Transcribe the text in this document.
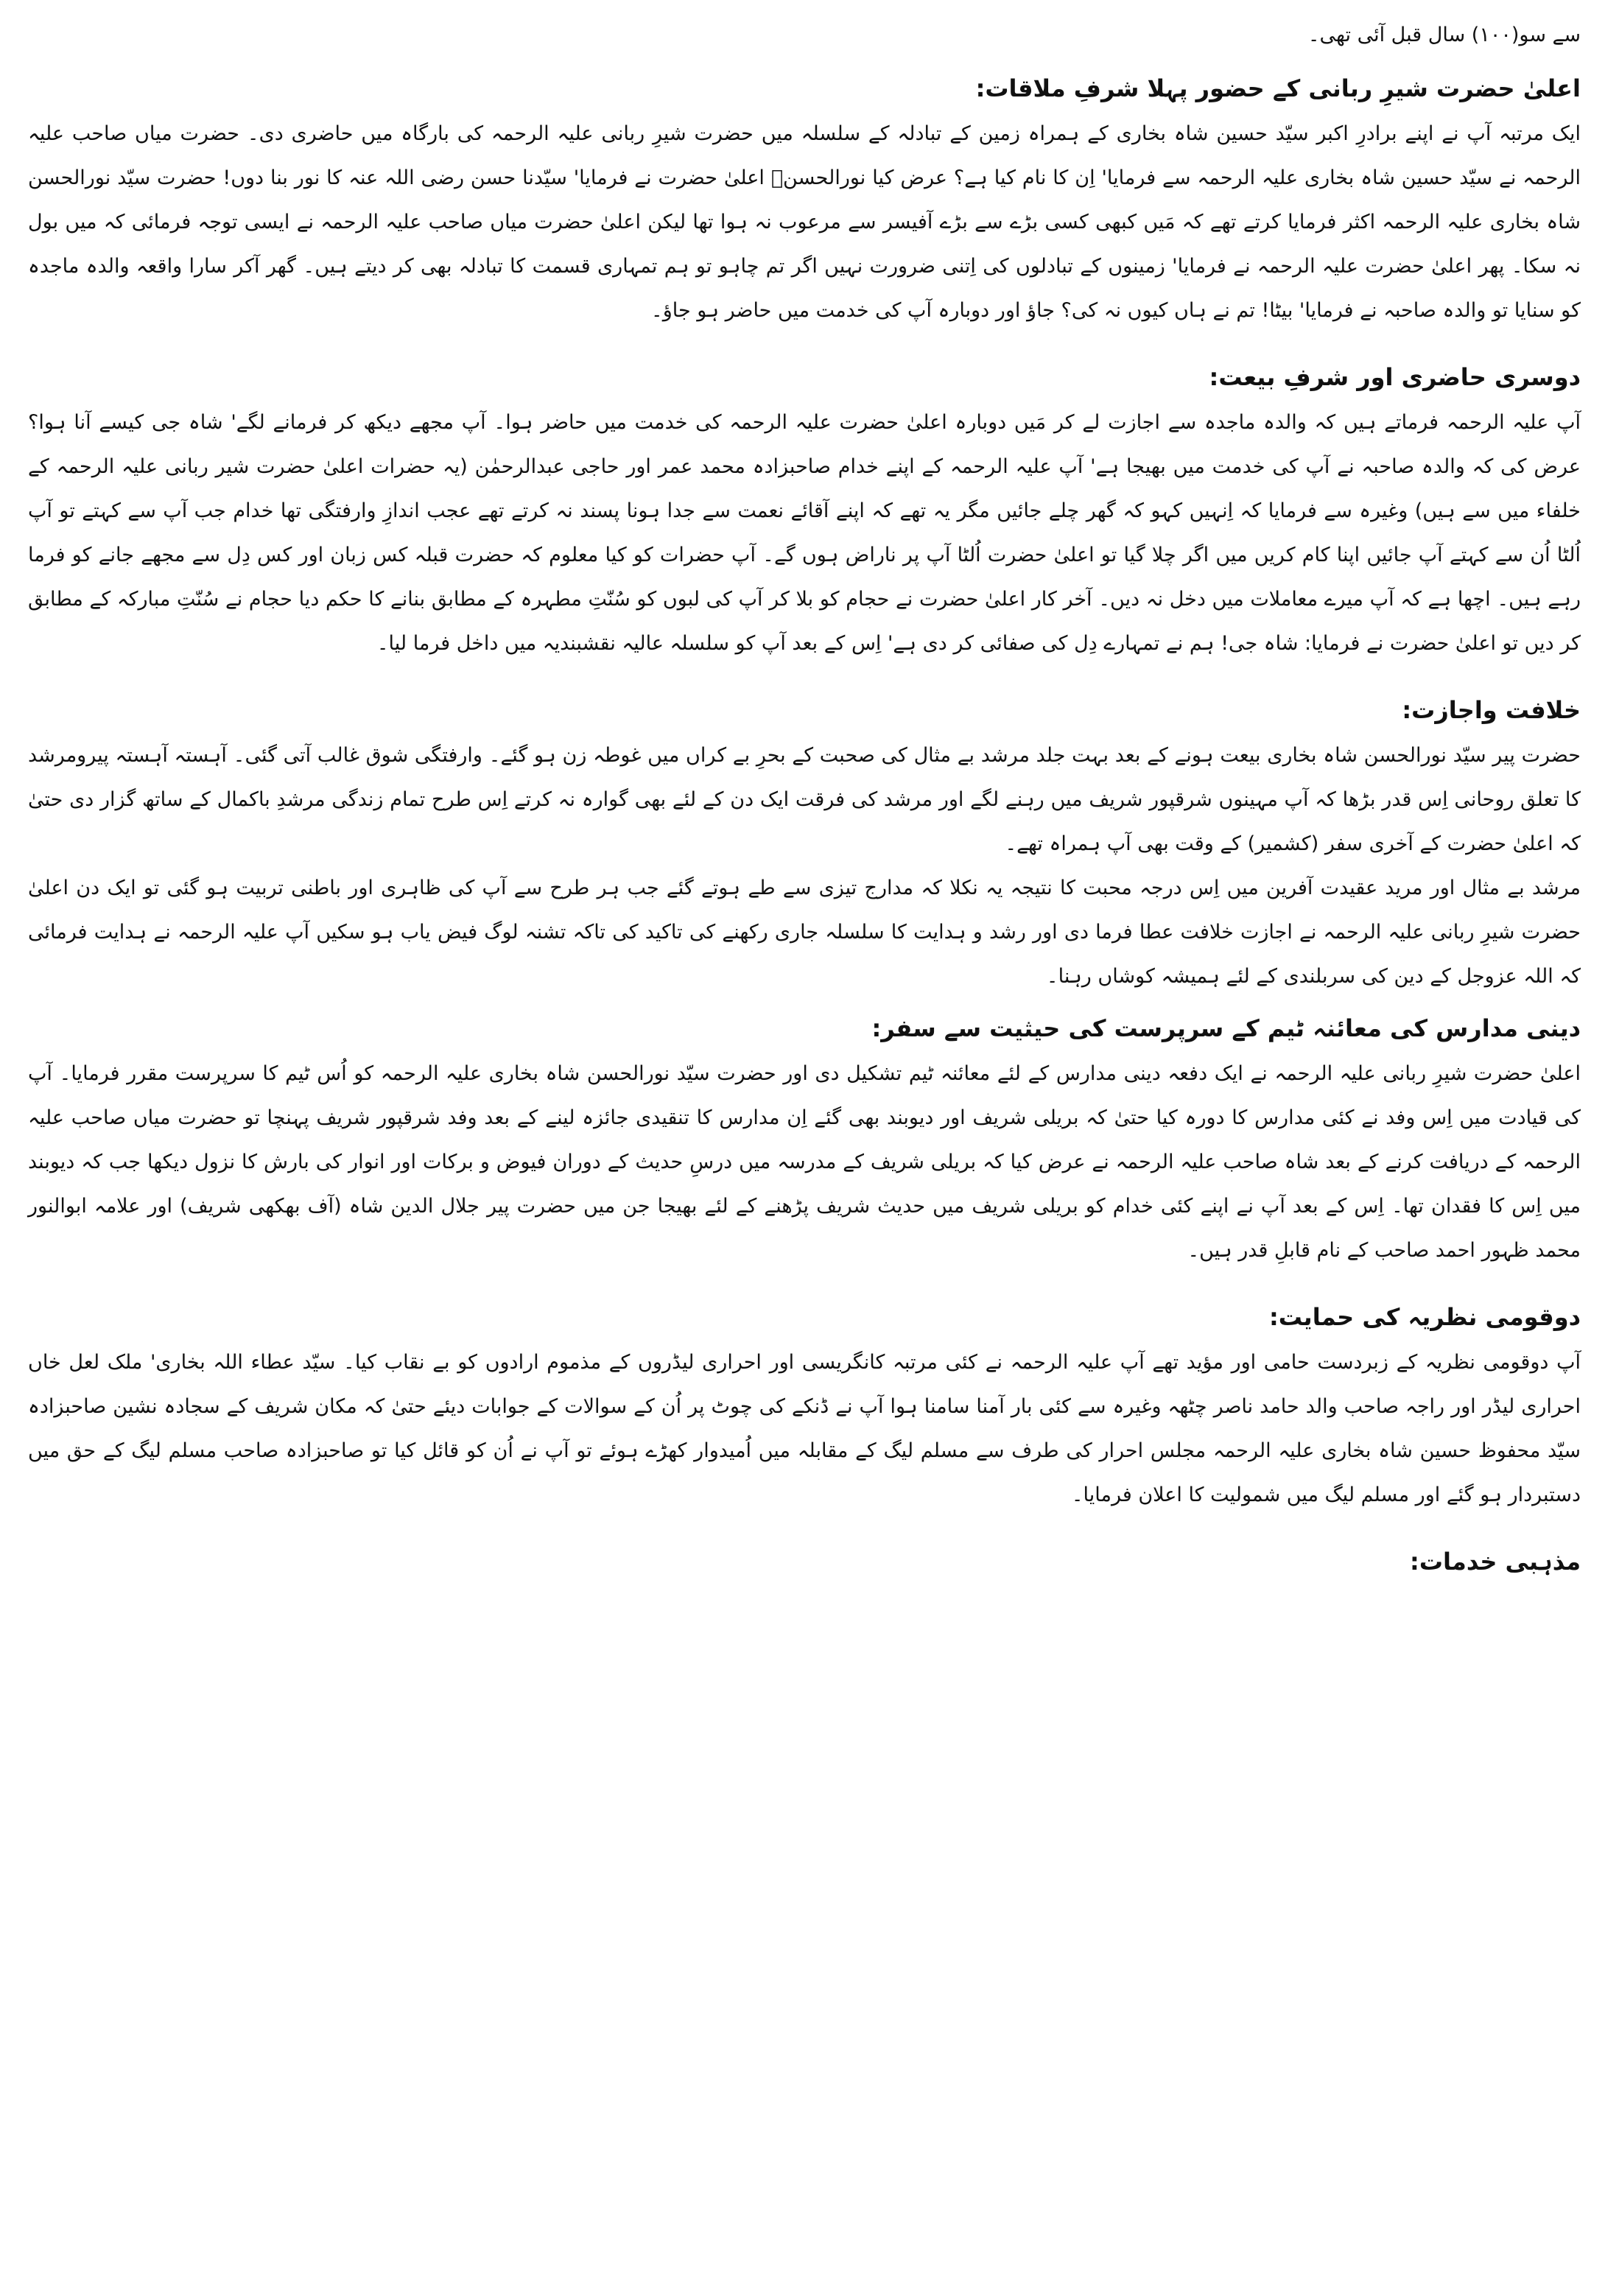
سے سو(١٠٠) سال قبل آئی تھی۔

اعلیٰ حضرت شیرِ ربانی کے حضور پہلا شرفِ ملاقات:

ایک مرتبہ آپ نے اپنے برادرِ اکبر سیّد حسین شاہ بخاری کے ہمراہ زمین کے تبادلہ کے سلسلہ میں حضرت شیرِ ربانی علیہ الرحمہ کی بارگاہ میں حاضری دی۔ حضرت میاں صاحب علیہ الرحمہ نے سیّد حسین شاہ بخاری علیہ الرحمہ سے فرمایا' اِن کا نام کیا ہے؟ عرض کیا نورالحسنؒ اعلیٰ حضرت نے فرمایا' سیّدنا حسن رضی اللہ عنہ کا نور بنا دوں! حضرت سیّد نورالحسن شاہ بخاری علیہ الرحمہ اکثر فرمایا کرتے تھے کہ مَیں کبھی کسی بڑے سے بڑے آفیسر سے مرعوب نہ ہوا تھا لیکن اعلیٰ حضرت میاں صاحب علیہ الرحمہ نے ایسی توجہ فرمائی کہ میں بول نہ سکا۔ پھر اعلیٰ حضرت علیہ الرحمہ نے فرمایا' زمینوں کے تبادلوں کی اِتنی ضرورت نہیں اگر تم چاہو تو ہم تمہاری قسمت کا تبادلہ بھی کر دیتے ہیں۔ گھر آکر سارا واقعہ والدہ ماجدہ کو سنایا تو والدہ صاحبہ نے فرمایا' بیٹا! تم نے ہاں کیوں نہ کی؟ جاؤ اور دوبارہ آپ کی خدمت میں حاضر ہو جاؤ۔

دوسری حاضری اور شرفِ بیعت:

آپ علیہ الرحمہ فرماتے ہیں کہ والدہ ماجدہ سے اجازت لے کر مَیں دوبارہ اعلیٰ حضرت علیہ الرحمہ کی خدمت میں حاضر ہوا۔ آپ مجھے دیکھ کر فرمانے لگے' شاہ جی کیسے آنا ہوا؟ عرض کی کہ والدہ صاحبہ نے آپ کی خدمت میں بھیجا ہے' آپ علیہ الرحمہ کے اپنے خدام صاحبزادہ محمد عمر اور حاجی عبدالرحمٰن (یہ حضرات اعلیٰ حضرت شیر ربانی علیہ الرحمہ کے خلفاء میں سے ہیں) وغیرہ سے فرمایا کہ اِنہیں کہو کہ گھر چلے جائیں مگر یہ تھے کہ اپنے آقائے نعمت سے جدا ہونا پسند نہ کرتے تھے عجب اندازِ وارفتگی تھا خدام جب آپ سے کہتے تو آپ اُلٹا اُن سے کہتے آپ جائیں اپنا کام کریں میں اگر چلا گیا تو اعلیٰ حضرت اُلٹا آپ پر ناراض ہوں گے۔ آپ حضرات کو کیا معلوم کہ حضرت قبلہ کس زبان اور کس دِل سے مجھے جانے کو فرما رہے ہیں۔ اچھا ہے کہ آپ میرے معاملات میں دخل نہ دیں۔ آخر کار اعلیٰ حضرت نے حجام کو بلا کر آپ کی لبوں کو سُنّتِ مطہرہ کے مطابق بنانے کا حکم دیا حجام نے سُنّتِ مبارکہ کے مطابق کر دیں تو اعلیٰ حضرت نے فرمایا: شاہ جی! ہم نے تمہارے دِل کی صفائی کر دی ہے' اِس کے بعد آپ کو سلسلہ عالیہ نقشبندیہ میں داخل فرما لیا۔

خلافت واجازت:

حضرت پیر سیّد نورالحسن شاہ بخاری بیعت ہونے کے بعد بہت جلد مرشد بے مثال کی صحبت کے بحرِ بے کراں میں غوطہ زن ہو گئے۔ وارفتگی شوق غالب آتی گئی۔ آہستہ آہستہ پیرومرشد کا تعلق روحانی اِس قدر بڑھا کہ آپ مہینوں شرقپور شریف میں رہنے لگے اور مرشد کی فرقت ایک دن کے لئے بھی گوارہ نہ کرتے اِس طرح تمام زندگی مرشدِ باکمال کے ساتھ گزار دی حتیٰ کہ اعلیٰ حضرت کے آخری سفر (کشمیر) کے وقت بھی آپ ہمراہ تھے۔

مرشد بے مثال اور مرید عقیدت آفرین میں اِس درجہ محبت کا نتیجہ یہ نکلا کہ مدارج تیزی سے طے ہوتے گئے جب ہر طرح سے آپ کی ظاہری اور باطنی تربیت ہو گئی تو ایک دن اعلیٰ حضرت شیرِ ربانی علیہ الرحمہ نے اجازت خلافت عطا فرما دی اور رشد و ہدایت کا سلسلہ جاری رکھنے کی تاکید کی تاکہ تشنہ لوگ فیض یاب ہو سکیں آپ علیہ الرحمہ نے ہدایت فرمائی کہ اللہ عزوجل کے دین کی سربلندی کے لئے ہمیشہ کوشاں رہنا۔

دینی مدارس کی معائنہ ٹیم کے سرپرست کی حیثیت سے سفر:

اعلیٰ حضرت شیرِ ربانی علیہ الرحمہ نے ایک دفعہ دینی مدارس کے لئے معائنہ ٹیم تشکیل دی اور حضرت سیّد نورالحسن شاہ بخاری علیہ الرحمہ کو اُس ٹیم کا سرپرست مقرر فرمایا۔ آپ کی قیادت میں اِس وفد نے کئی مدارس کا دورہ کیا حتیٰ کہ بریلی شریف اور دیوبند بھی گئے اِن مدارس کا تنقیدی جائزہ لینے کے بعد وفد شرقپور شریف پہنچا تو حضرت میاں صاحب علیہ الرحمہ کے دریافت کرنے کے بعد شاہ صاحب علیہ الرحمہ نے عرض کیا کہ بریلی شریف کے مدرسہ میں درسِ حدیث کے دوران فیوض و برکات اور انوار کی بارش کا نزول دیکھا جب کہ دیوبند میں اِس کا فقدان تھا۔ اِس کے بعد آپ نے اپنے کئی خدام کو بریلی شریف میں حدیث شریف پڑھنے کے لئے بھیجا جن میں حضرت پیر جلال الدین شاہ (آف بھکھی شریف) اور علامہ ابوالنور محمد ظہور احمد صاحب کے نام قابلِ قدر ہیں۔

دوقومی نظریہ کی حمایت:

آپ دوقومی نظریہ کے زبردست حامی اور مؤید تھے آپ علیہ الرحمہ نے کئی مرتبہ کانگریسی اور احراری لیڈروں کے مذموم ارادوں کو بے نقاب کیا۔ سیّد عطاء اللہ بخاری' ملک لعل خاں احراری لیڈر اور راجہ صاحب والد حامد ناصر چٹھہ وغیرہ سے کئی بار آمنا سامنا ہوا آپ نے ڈنکے کی چوٹ پر اُن کے سوالات کے جوابات دیئے حتیٰ کہ مکان شریف کے سجادہ نشین صاحبزادہ سیّد محفوظ حسین شاہ بخاری علیہ الرحمہ مجلس احرار کی طرف سے مسلم لیگ کے مقابلہ میں اُمیدوار کھڑے ہوئے تو آپ نے اُن کو قائل کیا تو صاحبزادہ صاحب مسلم لیگ کے حق میں دستبردار ہو گئے اور مسلم لیگ میں شمولیت کا اعلان فرمایا۔

مذہبی خدمات:
